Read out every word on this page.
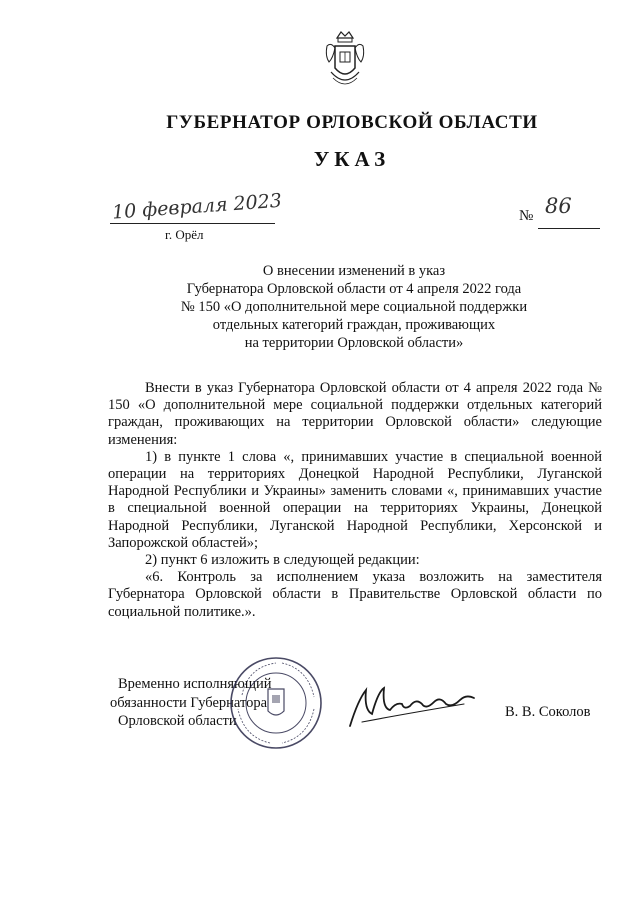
ГУБЕРНАТОР ОРЛОВСКОЙ ОБЛАСТИ
УКАЗ
10 февраля 2023
г. Орёл
№ 86
О внесении изменений в указ
Губернатора Орловской области от 4 апреля 2022 года
№ 150 «О дополнительной мере социальной поддержки
отдельных категорий граждан, проживающих
на территории Орловской области»

Внести в указ Губернатора Орловской области от 4 апреля 2022 года № 150 «О дополнительной мере социальной поддержки отдельных категорий граждан, проживающих на территории Орловской области» следующие изменения:

1) в пункте 1 слова «, принимавших участие в специальной военной операции на территориях Донецкой Народной Республики, Луганской Народной Республики и Украины» заменить словами «, принимавших участие в специальной военной операции на территориях Украины, Донецкой Народной Республики, Луганской Народной Республики, Херсонской и Запорожской областей»;

2) пункт 6 изложить в следующей редакции:

«6. Контроль за исполнением указа возложить на заместителя Губернатора Орловской области в Правительстве Орловской области по социальной политике.».

Временно исполняющий
обязанности Губернатора
Орловской области
В. В. Соколов
